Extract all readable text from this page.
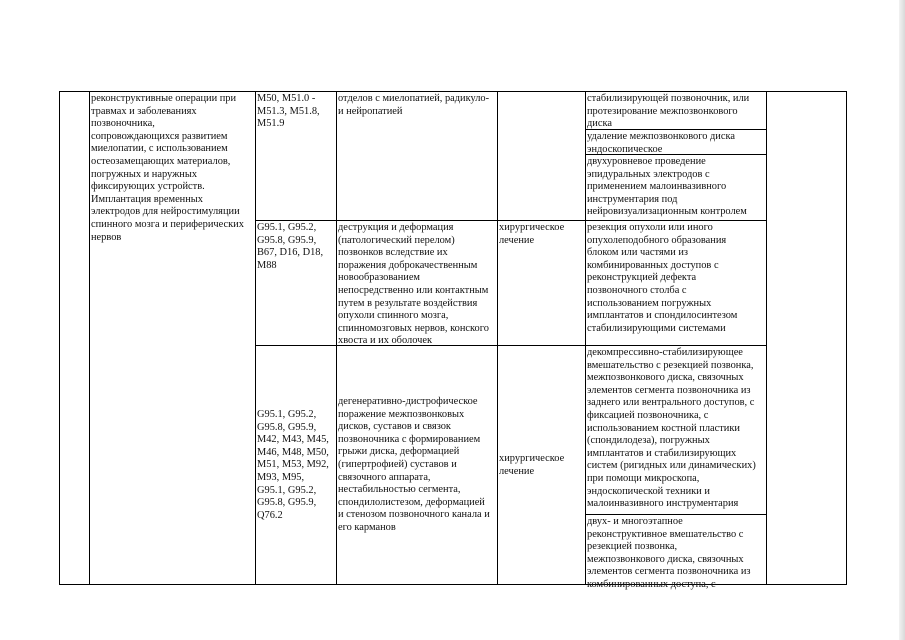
реконструктивные операции при
травмах и заболеваниях
позвоночника,
сопровождающихся развитием
миелопатии, с использованием
остеозамещающих материалов,
погружных и наружных
фиксирующих устройств.
Имплантация временных
электродов для нейростимуляции
спинного мозга и периферических
нервов
M50, M51.0 -
M51.3, M51.8,
M51.9
отделов с миелопатией, радикуло-
и нейропатией
стабилизирующей позвоночник, или
протезирование межпозвонкового
диска
удаление межпозвонкового диска
эндоскопическое
двухуровневое проведение
эпидуральных электродов с
применением малоинвазивного
инструментария под
нейровизуализационным контролем
G95.1, G95.2,
G95.8, G95.9,
B67, D16, D18,
M88
деструкция и деформация
(патологический перелом)
позвонков вследствие их
поражения доброкачественным
новообразованием
непосредственно или контактным
путем в результате воздействия
опухоли спинного мозга,
спинномозговых нервов, конского
хвоста и их оболочек
хирургическое
лечение
резекция опухоли или иного
опухолеподобного образования
блоком или частями из
комбинированных доступов с
реконструкцией дефекта
позвоночного столба с
использованием погружных
имплантатов и спондилосинтезом
стабилизирующими системами
G95.1, G95.2,
G95.8, G95.9,
M42, M43, M45,
M46, M48, M50,
M51, M53, M92,
M93, M95,
G95.1, G95.2,
G95.8, G95.9,
Q76.2
дегенеративно-дистрофическое
поражение межпозвонковых
дисков, суставов и связок
позвоночника с формированием
грыжи диска, деформацией
(гипертрофией) суставов и
связочного аппарата,
нестабильностью сегмента,
спондилолистезом, деформацией
и стенозом позвоночного канала и
его карманов
хирургическое
лечение
декомпрессивно-стабилизирующее
вмешательство с резекцией позвонка,
межпозвонкового диска, связочных
элементов сегмента позвоночника из
заднего или вентрального доступов, с
фиксацией позвоночника, с
использованием костной пластики
(спондилодеза), погружных
имплантатов и стабилизирующих
систем (ригидных или динамических)
при помощи микроскопа,
эндоскопической техники и
малоинвазивного инструментария
двух- и многоэтапное
реконструктивное вмешательство с
резекцией позвонка,
межпозвонкового диска, связочных
элементов сегмента позвоночника из
комбинированных доступа, с
